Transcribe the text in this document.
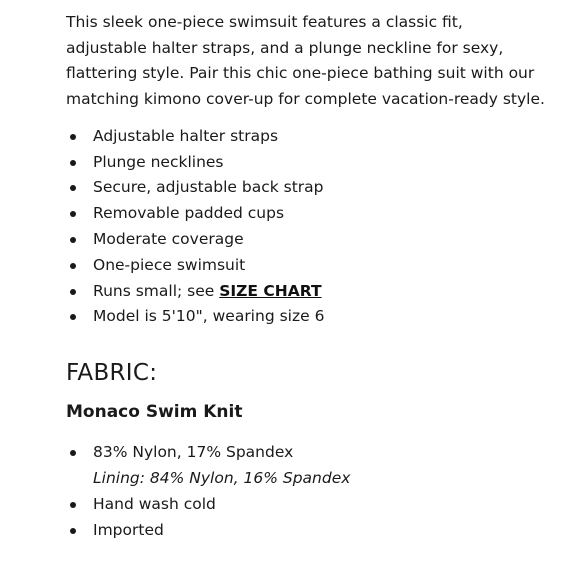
This sleek one-piece swimsuit features a classic fit, adjustable halter straps, and a plunge neckline for sexy, flattering style. Pair this chic one-piece bathing suit with our matching kimono cover-up for complete vacation-ready style.

Adjustable halter straps
Plunge necklines
Secure, adjustable back strap
Removable padded cups
Moderate coverage
One-piece swimsuit
Runs small; see SIZE CHART
Model is 5'10", wearing size 6
FABRIC:
Monaco Swim Knit
83% Nylon, 17% Spandex
Lining: 84% Nylon, 16% Spandex
Hand wash cold
Imported
